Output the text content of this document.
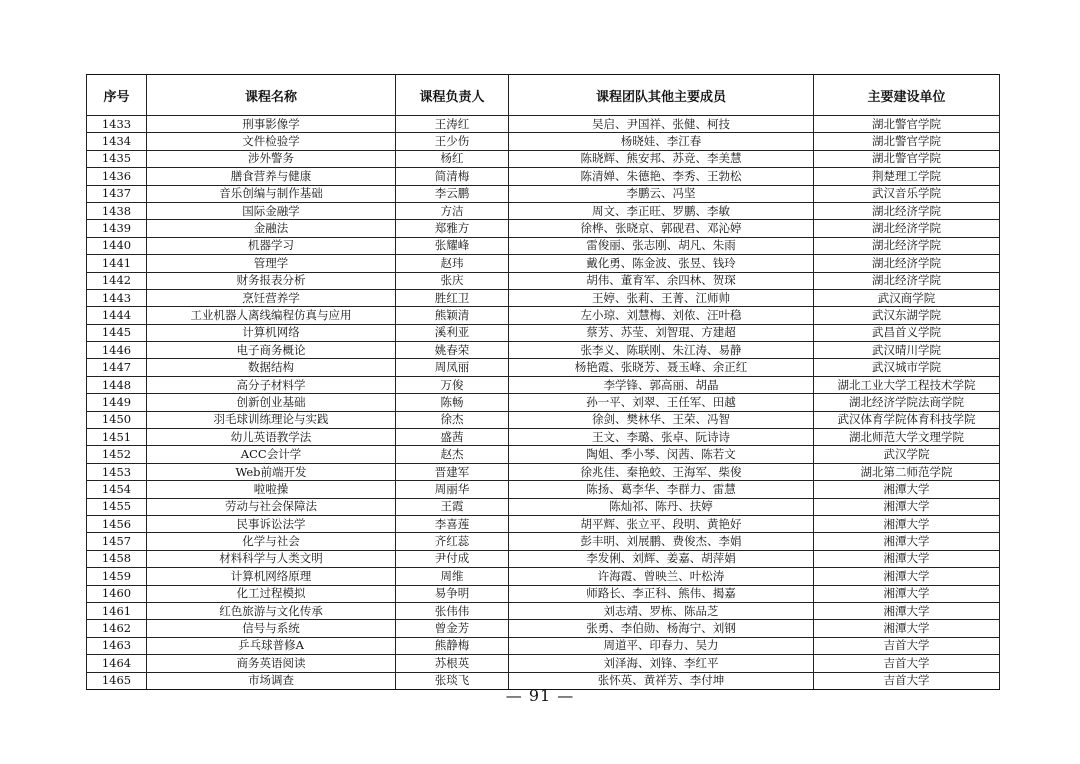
序号	课程名称	课程负责人	课程团队其他主要成员	主要建设单位
1433	刑事影像学	王涛红	吴启、尹国祥、张健、柯技	湖北警官学院
1434	文件检验学	王少伤	杨晓娃、李江春	湖北警官学院
1435	涉外警务	杨红	陈晓辉、熊安邦、苏竞、李美慧	湖北警官学院
1436	膳食营养与健康	简清梅	陈清婵、朱德艳、李秀、王勃松	荆楚理工学院
1437	音乐创编与制作基础	李云鹏	李鹏云、冯坚	武汉音乐学院
1438	国际金融学	方洁	周文、李正旺、罗鹏、李敏	湖北经济学院
1439	金融法	郑雅方	徐桦、张晓京、郭砚君、邓沁婷	湖北经济学院
1440	机器学习	张耀峰	雷俊丽、张志刚、胡凡、朱雨	湖北经济学院
1441	管理学	赵玮	戴化勇、陈金波、张昱、钱玲	湖北经济学院
1442	财务报表分析	张庆	胡伟、董育军、余四林、贺琛	湖北经济学院
1443	烹饪营养学	胜红卫	王婷、张莉、王菁、江师帅	武汉商学院
1444	工业机器人离线编程仿真与应用	熊颖清	左小琼、刘慧梅、刘侬、汪叶稳	武汉东湖学院
1445	计算机网络	溪利亚	蔡芳、苏莹、刘智琨、方建超	武昌首义学院
1446	电子商务概论	姚春荣	张李义、陈联刚、朱江涛、易静	武汉晴川学院
1447	数据结构	周凤丽	杨艳霞、张晓芳、聂玉峰、余正红	武汉城市学院
1448	高分子材料学	万俊	李学锋、郭高丽、胡晶	湖北工业大学工程技术学院
1449	创新创业基础	陈畅	孙一平、刘翠、王任军、田越	湖北经济学院法商学院
1450	羽毛球训练理论与实践	徐杰	徐剑、樊林华、王荣、冯智	武汉体育学院体育科技学院
1451	幼儿英语教学法	盛茜	王文、李璐、张卓、阮诗诗	湖北师范大学文理学院
1452	ACC会计学	赵杰	陶姐、季小琴、闵茜、陈若文	武汉学院
1453	Web前端开发	晋建军	徐兆佳、秦艳蛟、王海军、柴俊	湖北第二师范学院
1454	啦啦操	周丽华	陈扬、葛李华、李群力、雷慧	湘潭大学
1455	劳动与社会保障法	王霞	陈灿祁、陈丹、扶婷	湘潭大学
1456	民事诉讼法学	李喜莲	胡平辉、张立平、段明、黄艳好	湘潭大学
1457	化学与社会	齐红蕊	彭丰明、刘展鹏、费俊杰、李娟	湘潭大学
1458	材料科学与人类文明	尹付成	李发俐、刘辉、姜嘉、胡萍娟	湘潭大学
1459	计算机网络原理	周维	许海霞、曾映兰、叶松涛	湘潭大学
1460	化工过程模拟	易争明	师路长、李正科、熊伟、揭嘉	湘潭大学
1461	红色旅游与文化传承	张伟伟	刘志靖、罗栋、陈品芝	湘潭大学
1462	信号与系统	曾金芳	张勇、李伯勋、杨海宁、刘钢	湘潭大学
1463	乒乓球普修A	熊静梅	周道平、印春力、吴力	吉首大学
1464	商务英语阅读	苏根英	刘泽海、刘锋、李红平	吉首大学
1465	市场调查	张琰飞	张怀英、黄祥芳、李付坤	吉首大学
— 91 —
